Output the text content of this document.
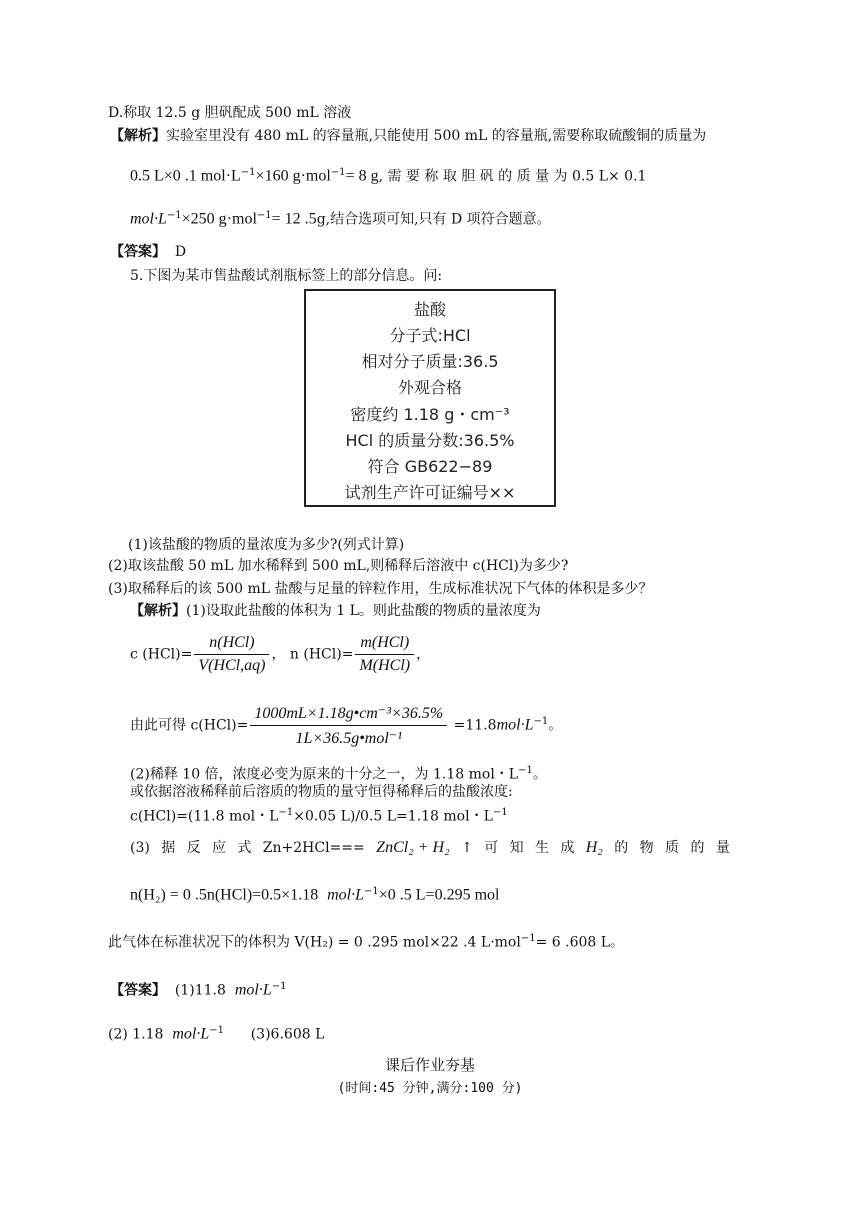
D.称取 12.5 g 胆矾配成 500 mL 溶液
【解析】实验室里没有 480 mL 的容量瓶,只能使用 500 mL 的容量瓶,需要称取硫酸铜的质量为
0.5 L×0 .1 $mol\cdot L^{-1}\times 160$ g·mol$^{-1}$= 8 g, 需 要 称 取 胆 矾 的 质 量 为 0.5 L× 0.1
$mol\cdot L^{-1}\times 250$ g·mol$^{-1}$= 12 .5g,结合选项可知,只有 D 项符合题意。
【答案】 D
5.下图为某市售盐酸试剂瓶标签上的部分信息。问:
盐酸
分子式:HCl
相对分子质量:36.5
外观合格
密度约 1.18 g・cm⁻³
HCl 的质量分数:36.5%
符合 GB622−89
试剂生产许可证编号××
(1)该盐酸的物质的量浓度为多少?(列式计算)
(2)取该盐酸 50 mL 加水稀释到 500 mL,则稀释后溶液中 c(HCl)为多少?
(3)取稀释后的该 500 mL 盐酸与足量的锌粒作用，生成标准状况下气体的体积是多少？
【解析】(1)设取此盐酸的体积为 1 L。则此盐酸的物质的量浓度为
c $(HCl)= \frac{\text{n(HCl)}}{\text{V(HCl,aq)}}$ ， n $(HCl)= \frac{\text{m(HCl)}}{\text{M(HCl)}}$ ，
由此可得 $c(HCl)= \frac{\text{1000mL×1.18g•cm⁻³×36.5\%}}{\text{1L×36.5g•mol⁻¹}} =11.8mol\cdot L^{-1}$。
(2)稀释 10 倍，浓度必变为原来的十分之一，为 1.18 mol・$L^{-1}$。
或依据溶液稀释前后溶质的物质的量守恒得稀释后的盐酸浓度:
c(HCl)=(11.8 mol・$L^{-1}\times 0.05$ L)/0.5 L=1.18 mol・$L^{-1}$
(3) 据 反 应 式 Zn+2HCl=== ZnCl₂ + H₂ ↑ 可 知 生 成 H₂ 的 物 质 的 量
n(H₂) = 0 .5n(HCl)=0.5×1.18 $mol\cdot L^{-1}\times 0$ .5 L=0.295 mol
此气体在标准状况下的体积为 V(H₂) = 0 .295 mol×22 .4 L·mol$^{-1}$= 6 .608 L。
【答案】 (1)11.8 $mol\cdot L^{-1}$
(2) 1.18 $mol\cdot L^{-1}$ (3)6.608 L
课后作业夯基
(时间:45 分钟,满分:100 分)
